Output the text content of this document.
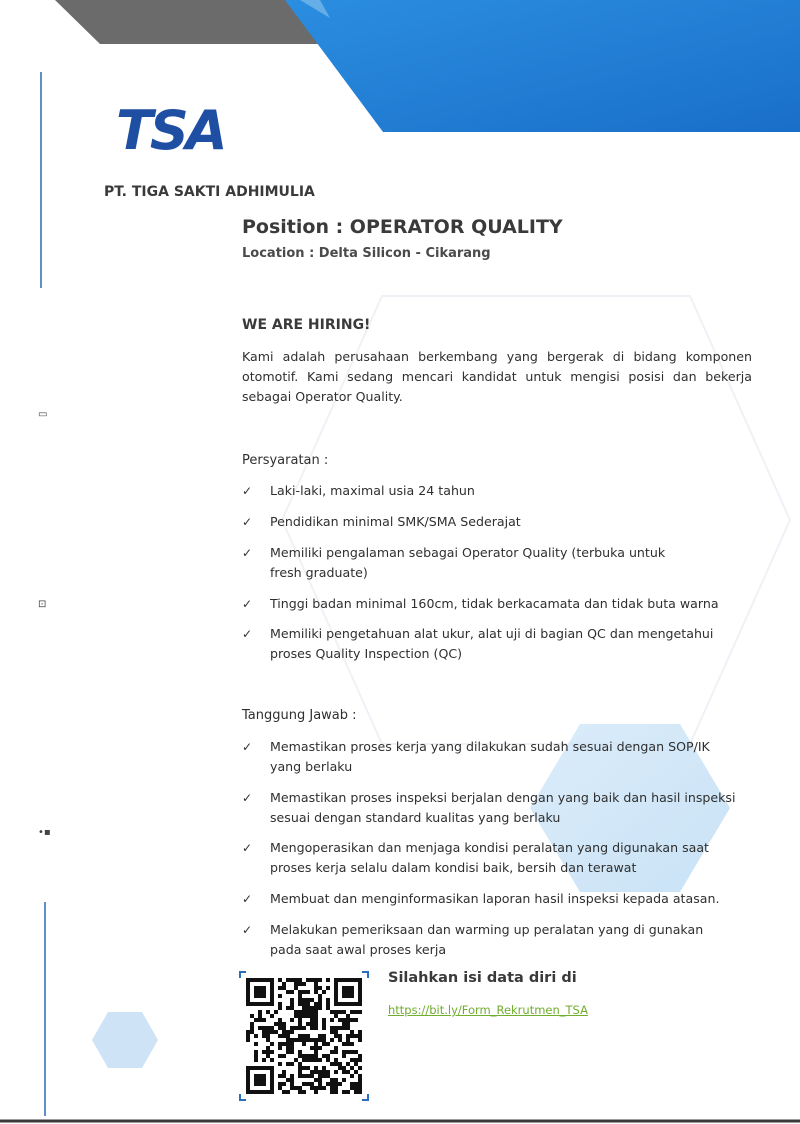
▭
⊡
•▪
TSA
PT. TIGA SAKTI ADHIMULIA
Position : OPERATOR QUALITY
Location : Delta Silicon - Cikarang
WE ARE HIRING!
Kami adalah perusahaan berkembang yang bergerak di bidang komponen otomotif. Kami sedang mencari kandidat untuk mengisi posisi dan bekerja sebagai Operator Quality.
Persyaratan :
✓	Laki-laki, maximal usia 24 tahun
✓	Pendidikan minimal SMK/SMA Sederajat
✓	Memiliki pengalaman sebagai Operator Quality (terbuka untuk fresh graduate)
✓	Tinggi badan minimal 160cm, tidak berkacamata dan tidak buta warna
✓	Memiliki pengetahuan alat ukur, alat uji di bagian QC dan mengetahui proses Quality Inspection (QC)
Tanggung Jawab :
✓	Memastikan proses kerja yang dilakukan sudah sesuai dengan SOP/IK yang berlaku
✓	Memastikan proses inspeksi berjalan dengan yang baik dan hasil inspeksi sesuai dengan standard kualitas yang berlaku
✓	Mengoperasikan dan menjaga kondisi peralatan yang digunakan saat proses kerja selalu dalam kondisi baik, bersih dan terawat
✓	Membuat dan menginformasikan laporan hasil inspeksi kepada atasan.
✓	Melakukan pemeriksaan dan warming up peralatan yang di gunakan pada saat awal proses kerja
Silahkan isi data diri di
https://bit.ly/Form_Rekrutmen_TSA
